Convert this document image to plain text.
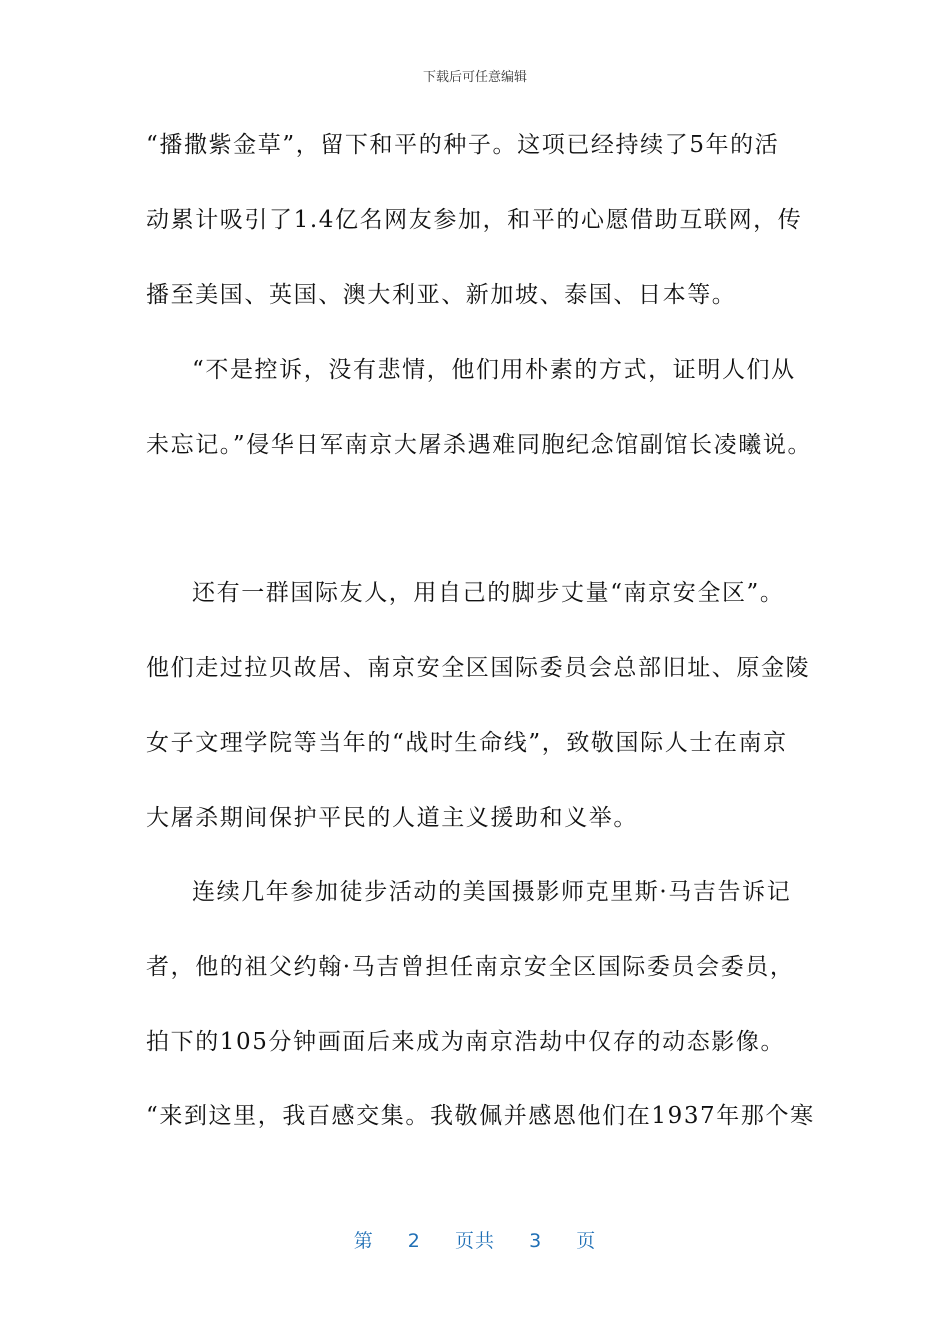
下载后可任意编辑
“播撒紫金草”，留下和平的种子。这项已经持续了5年的活
动累计吸引了1.4亿名网友参加，和平的心愿借助互联网，传
播至美国、英国、澳大利亚、新加坡、泰国、日本等。
“不是控诉，没有悲情，他们用朴素的方式，证明人们从
未忘记。”侵华日军南京大屠杀遇难同胞纪念馆副馆长凌曦说。
还有一群国际友人，用自己的脚步丈量“南京安全区”。
他们走过拉贝故居、南京安全区国际委员会总部旧址、原金陵
女子文理学院等当年的“战时生命线”，致敬国际人士在南京
大屠杀期间保护平民的人道主义援助和义举。
连续几年参加徒步活动的美国摄影师克里斯·马吉告诉记
者，他的祖父约翰·马吉曾担任南京安全区国际委员会委员，
拍下的105分钟画面后来成为南京浩劫中仅存的动态影像。
“来到这里，我百感交集。我敬佩并感恩他们在1937年那个寒
第 2 页共 3 页
